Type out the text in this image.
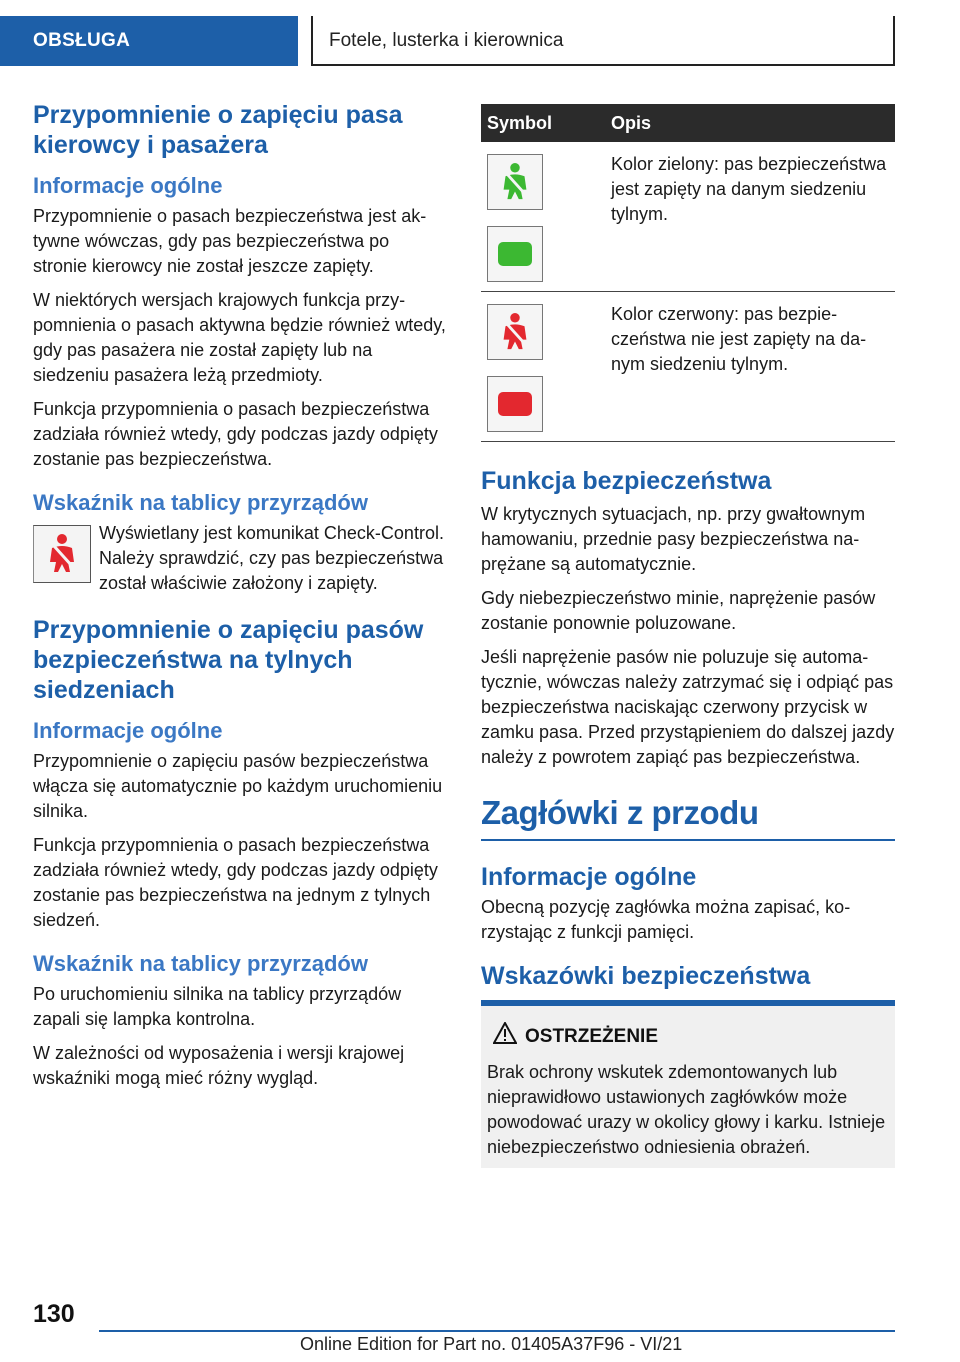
OBSŁUGA	Fotele, lusterka i kierownica
Przypomnienie o zapięciu pasa kierowcy i pasażera
Informacje ogólne

Przypomnienie o pasach bezpieczeństwa jest aktywne wówczas, gdy pas bezpieczeństwa po stronie kierowcy nie został jeszcze zapięty.

W niektórych wersjach krajowych funkcja przypomnienia o pasach aktywna będzie również wtedy, gdy pas pasażera nie został zapięty lub na siedzeniu pasażera leżą przedmioty.

Funkcja przypomnienia o pasach bezpieczeństwa zadziała również wtedy, gdy podczas jazdy odpięty zostanie pas bezpieczeństwa.

Wskaźnik na tablicy przyrządów

Wyświetlany jest komunikat Check-Control. Należy sprawdzić, czy pas bezpieczeństwa został właściwie założony i zapięty.

Przypomnienie o zapięciu pasów bezpieczeństwa na tylnych siedzeniach
Informacje ogólne

Przypomnienie o zapięciu pasów bezpieczeństwa włącza się automatycznie po każdym uruchomieniu silnika.

Funkcja przypomnienia o pasach bezpieczeństwa zadziała również wtedy, gdy podczas jazdy odpięty zostanie pas bezpieczeństwa na jednym z tylnych siedzeń.

Wskaźnik na tablicy przyrządów

Po uruchomieniu silnika na tablicy przyrządów zapali się lampka kontrolna.

W zależności od wyposażenia i wersji krajowej wskaźniki mogą mieć różny wygląd.

Symbol	Opis
Kolor zielony: pas bezpieczeństwa jest zapięty na danym siedzeniu tylnym.
Kolor czerwony: pas bezpieczeństwa nie jest zapięty na danym siedzeniu tylnym.
Funkcja bezpieczeństwa

W krytycznych sytuacjach, np. przy gwałtownym hamowaniu, przednie pasy bezpieczeństwa naprężane są automatycznie.

Gdy niebezpieczeństwo minie, naprężenie pasów zostanie ponownie poluzowane.

Jeśli naprężenie pasów nie poluzuje się automatycznie, wówczas należy zatrzymać się i odpiąć pas bezpieczeństwa naciskając czerwony przycisk w zamku pasa. Przed przystąpieniem do dalszej jazdy należy z powrotem zapiąć pas bezpieczeństwa.

Zagłówki z przodu
Informacje ogólne

Obecną pozycję zagłówka można zapisać, korzystając z funkcji pamięci.

Wskazówki bezpieczeństwa
OSTRZEŻENIE

Brak ochrony wskutek zdemontowanych lub nieprawidłowo ustawionych zagłówków może powodować urazy w okolicy głowy i karku. Istnieje niebezpieczeństwo odniesienia obrażeń.

130
Online Edition for Part no. 01405A37F96 - VI/21
